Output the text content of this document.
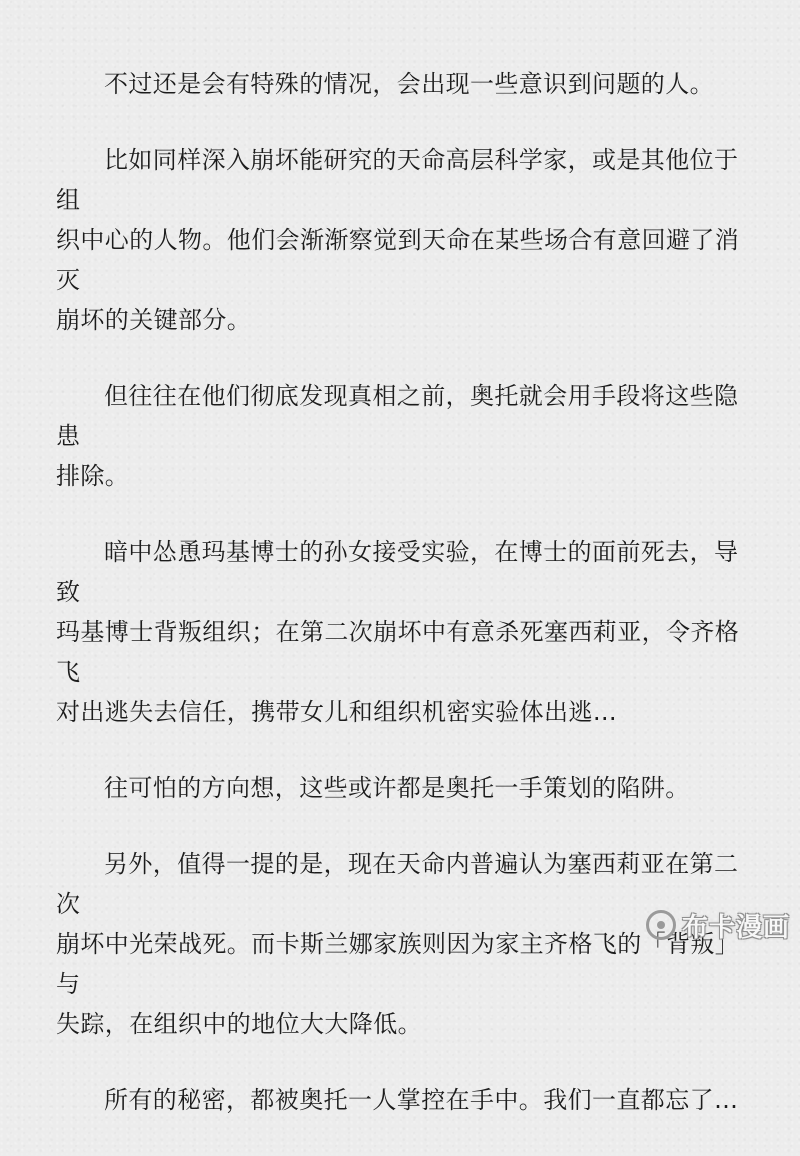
不过还是会有特殊的情况，会出现一些意识到问题的人。

比如同样深入崩坏能研究的天命高层科学家，或是其他位于组
织中心的人物。他们会渐渐察觉到天命在某些场合有意回避了消灭
崩坏的关键部分。

但往往在他们彻底发现真相之前，奥托就会用手段将这些隐患
排除。

暗中怂恿玛基博士的孙女接受实验，在博士的面前死去，导致
玛基博士背叛组织；在第二次崩坏中有意杀死塞西莉亚，令齐格飞
对出逃失去信任，携带女儿和组织机密实验体出逃…

往可怕的方向想，这些或许都是奥托一手策划的陷阱。

另外，值得一提的是，现在天命内普遍认为塞西莉亚在第二次
崩坏中光荣战死。而卡斯兰娜家族则因为家主齐格飞的「背叛」与
失踪，在组织中的地位大大降低。

所有的秘密，都被奥托一人掌控在手中。我们一直都忘了…

布卡漫画
